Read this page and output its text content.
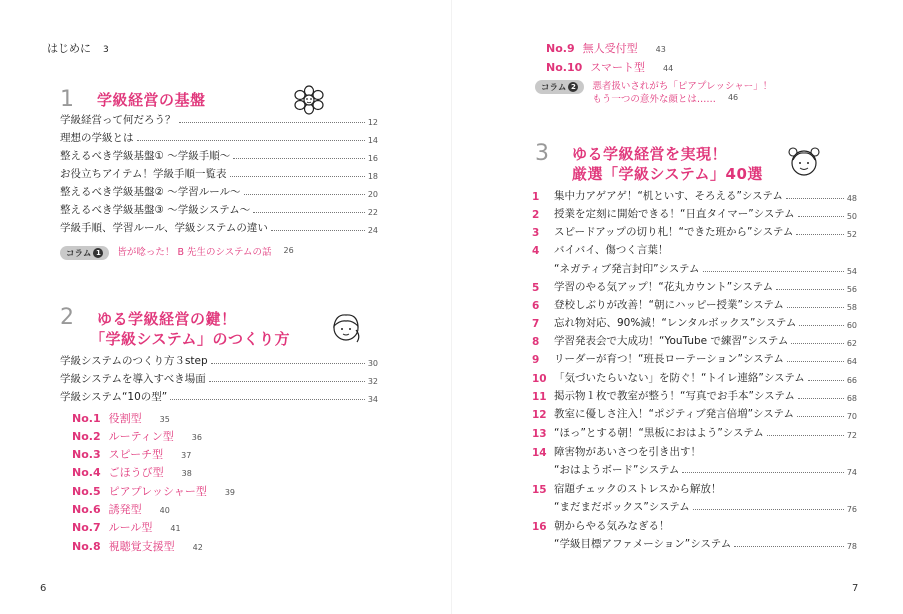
はじめに 3
1 学級経営の基盤
学級経営って何だろう？	12
理想の学級とは	14
整えるべき学級基盤① 〜学級手順〜	16
お役立ちアイテム！学級手順一覧表	18
整えるべき学級基盤② 〜学習ルール〜	20
整えるべき学級基盤③ 〜学級システム〜	22
学級手順、学習ルール、学級システムの違い	24
コラム 1 皆が唸った！ B 先生のシステムの話 26
2 ゆる学級経営の鍵！
「学級システム」のつくり方
学級システムのつくり方３step	30
学級システムを導入すべき場面	32
学級システム“10の型”	34
No.1 役割型 35
No.2 ルーティン型 36
No.3 スピーチ型 37
No.4 ごほうび型 38
No.5 ピアプレッシャー型 39
No.6 誘発型 40
No.7 ルール型 41
No.8 視聴覚支援型 42
No.9 無人受付型 43
No.10 スマート型 44
コラム 2 悪者扱いされがち「ピアプレッシャー」！
もう一つの意外な顔とは…… 46
3 ゆる学級経営を実現！
厳選「学級システム」40選
1	集中力アゲアゲ！“机といす、そろえる”システム	48
2	授業を定刻に開始できる！“日直タイマー”システム	50
3	スピードアップの切り札！“できた班から”システム	52
4	バイバイ、傷つく言葉！
“ネガティブ発言封印”システム	54
5	学習のやる気アップ！“花丸カウント”システム	56
6	登校しぶりが改善！“朝にハッピー授業”システム	58
7	忘れ物対応、90%減！“レンタルボックス”システム	60
8	学習発表会で大成功！“YouTube で練習”システム	62
9	リーダーが育つ！“班長ローテーション”システム	64
10 「気づいたらいない」を防ぐ！“トイレ連絡”システム	66
11 掲示物１枚で教室が整う！“写真でお手本”システム	68
12 教室に優しさ注入！“ポジティブ発言倍増”システム	70
13 “ほっ”とする朝！“黒板におはよう”システム	72
14 障害物があいさつを引き出す！
“おはようボード”システム	74
15 宿題チェックのストレスから解放！
“まだまだボックス”システム	76
16 朝からやる気みなぎる！
“学級目標アファメーション”システム	78
6	7
